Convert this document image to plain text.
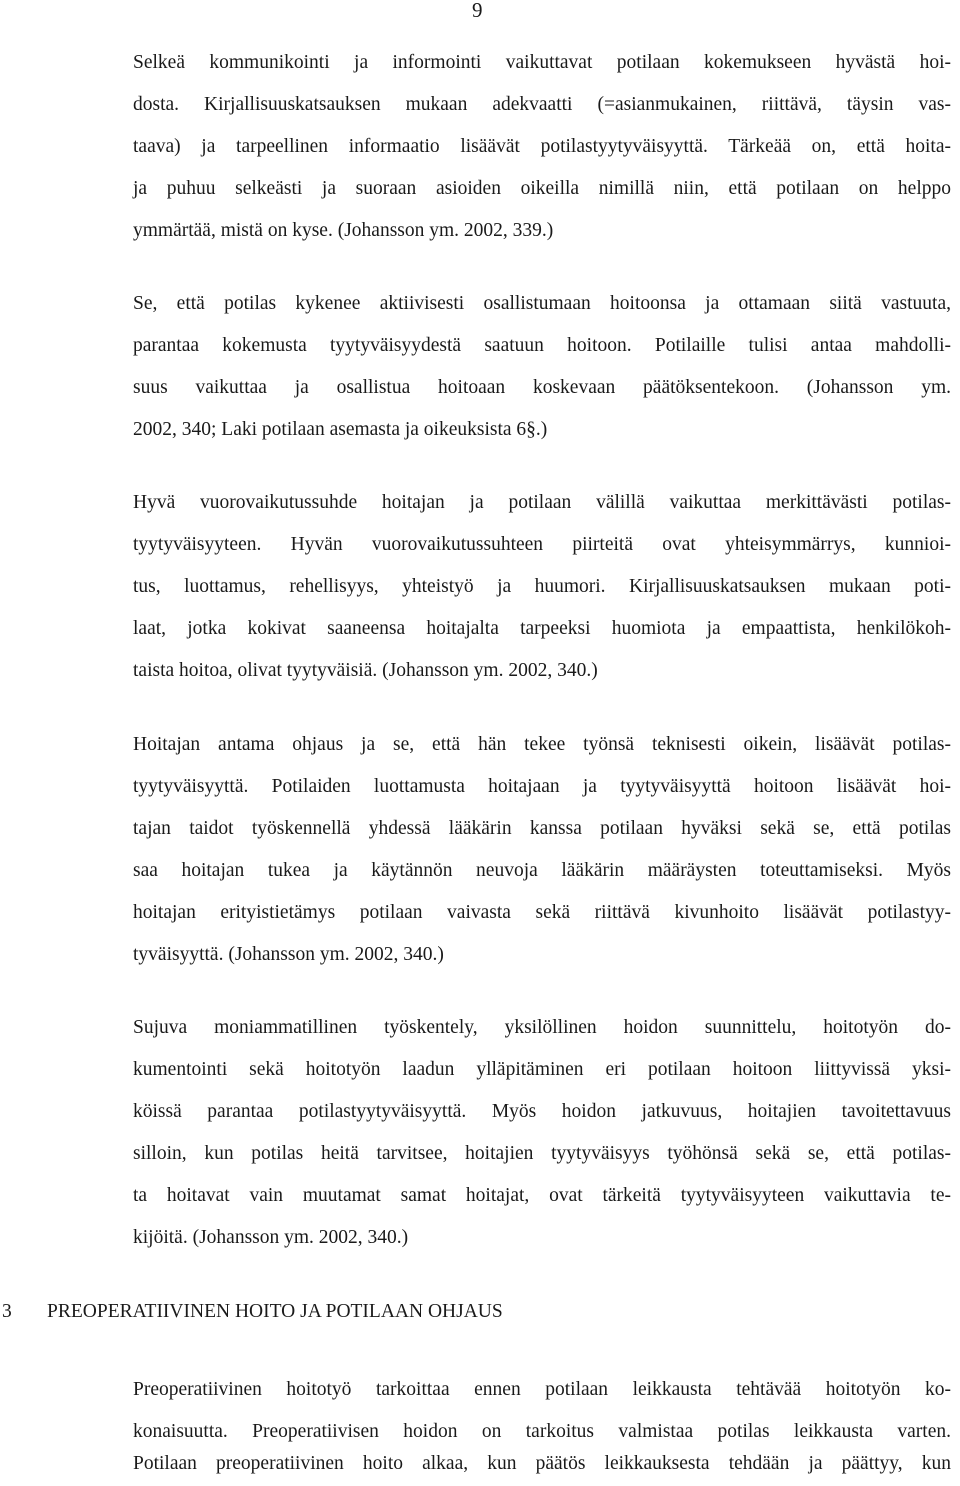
9
Selkeä kommunikointi ja informointi vaikuttavat potilaan kokemukseen hyvästä hoi-
dosta. Kirjallisuuskatsauksen mukaan adekvaatti (=asianmukainen, riittävä, täysin vas-
taava) ja tarpeellinen informaatio lisäävät potilastyytyväisyyttä. Tärkeää on, että hoita-
ja puhuu selkeästi ja suoraan asioiden oikeilla nimillä niin, että potilaan on helppo
ymmärtää, mistä on kyse. (Johansson ym. 2002, 339.)
Se, että potilas kykenee aktiivisesti osallistumaan hoitoonsa ja ottamaan siitä vastuuta,
parantaa kokemusta tyytyväisyydestä saatuun hoitoon. Potilaille tulisi antaa mahdolli-
suus vaikuttaa ja osallistua hoitoaan koskevaan päätöksentekoon. (Johansson ym.
2002, 340; Laki potilaan asemasta ja oikeuksista 6§.)
Hyvä vuorovaikutussuhde hoitajan ja potilaan välillä vaikuttaa merkittävästi potilas-
tyytyväisyyteen. Hyvän vuorovaikutussuhteen piirteitä ovat yhteisymmärrys, kunnioi-
tus, luottamus, rehellisyys, yhteistyö ja huumori. Kirjallisuuskatsauksen mukaan poti-
laat, jotka kokivat saaneensa hoitajalta tarpeeksi huomiota ja empaattista, henkilökoh-
taista hoitoa, olivat tyytyväisiä. (Johansson ym. 2002, 340.)
Hoitajan antama ohjaus ja se, että hän tekee työnsä teknisesti oikein, lisäävät potilas-
tyytyväisyyttä. Potilaiden luottamusta hoitajaan ja tyytyväisyyttä hoitoon lisäävät hoi-
tajan taidot työskennellä yhdessä lääkärin kanssa potilaan hyväksi sekä se, että potilas
saa hoitajan tukea ja käytännön neuvoja lääkärin määräysten toteuttamiseksi. Myös
hoitajan erityistietämys potilaan vaivasta sekä riittävä kivunhoito lisäävät potilastyy-
tyväisyyttä. (Johansson ym. 2002, 340.)
Sujuva moniammatillinen työskentely, yksilöllinen hoidon suunnittelu, hoitotyön do-
kumentointi sekä hoitotyön laadun ylläpitäminen eri potilaan hoitoon liittyvissä yksi-
köissä parantaa potilastyytyväisyyttä. Myös hoidon jatkuvuus, hoitajien tavoitettavuus
silloin, kun potilas heitä tarvitsee, hoitajien tyytyväisyys työhönsä sekä se, että potilas-
ta hoitavat vain muutamat samat hoitajat, ovat tärkeitä tyytyväisyyteen vaikuttavia te-
kijöitä. (Johansson ym. 2002, 340.)
3 PREOPERATIIVINEN HOITO JA POTILAAN OHJAUS
Preoperatiivinen hoitotyö tarkoittaa ennen potilaan leikkausta tehtävää hoitotyön ko-
konaisuutta. Preoperatiivisen hoidon on tarkoitus valmistaa potilas leikkausta varten.
Potilaan preoperatiivinen hoito alkaa, kun päätös leikkauksesta tehdään ja päättyy, kun
